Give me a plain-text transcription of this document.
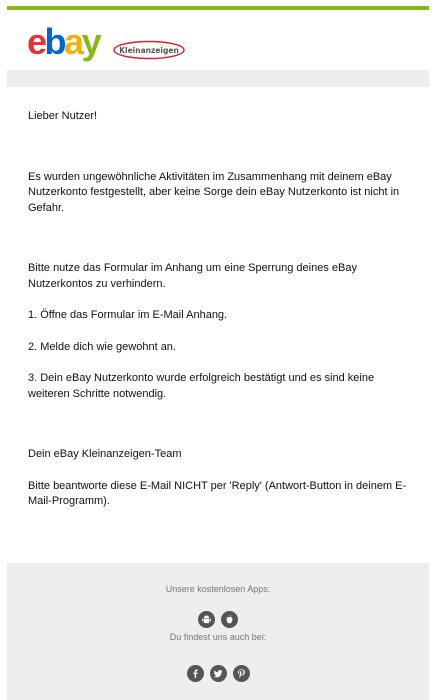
ebay	Kleinanzeigen

Lieber Nutzer!

Es wurden ungewöhnliche Aktivitäten im Zusammenhang mit deinem eBay Nutzerkonto festgestellt, aber keine Sorge dein eBay Nutzerkonto ist nicht in Gefahr.

Bitte nutze das Formular im Anhang um eine Sperrung deines eBay Nutzerkontos zu verhindern.

1. Öffne das Formular im E-Mail Anhang.

2. Melde dich wie gewohnt an.

3. Dein eBay Nutzerkonto wurde erfolgreich bestätigt und es sind keine weiteren Schritte notwendig.

Dein eBay Kleinanzeigen-Team

Bitte beantworte diese E-Mail NICHT per 'Reply' (Antwort-Button in deinem E-Mail-Programm).

Unsere kostenlosen Apps:
Du findest uns auch bei:
